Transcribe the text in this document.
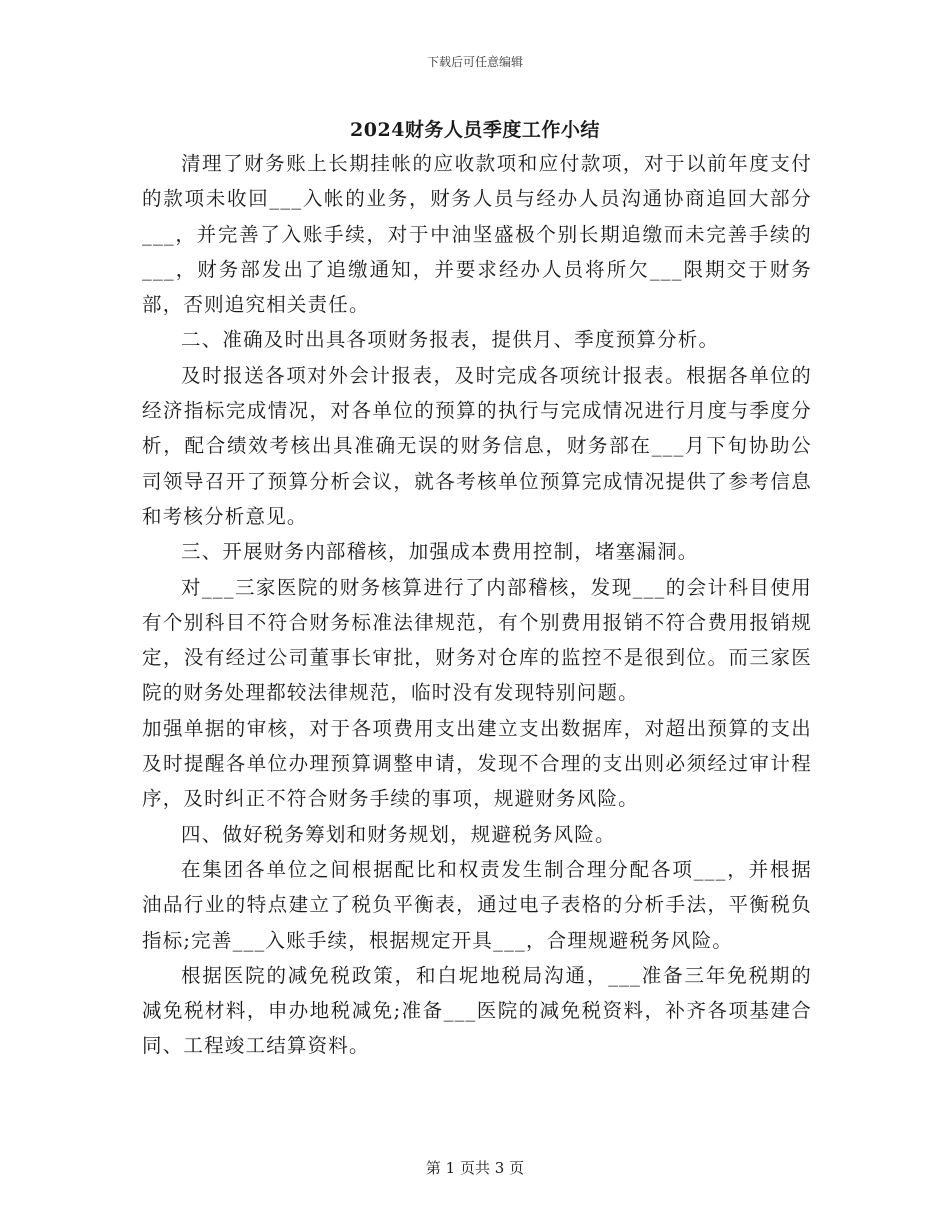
下载后可任意编辑
2024财务人员季度工作小结

清理了财务账上长期挂帐的应收款项和应付款项，对于以前年度支付的款项未收回___入帐的业务，财务人员与经办人员沟通协商追回大部分___，并完善了入账手续，对于中油坚盛极个别长期追缴而未完善手续的___，财务部发出了追缴通知，并要求经办人员将所欠___限期交于财务部，否则追究相关责任。

二、准确及时出具各项财务报表，提供月、季度预算分析。

及时报送各项对外会计报表，及时完成各项统计报表。根据各单位的经济指标完成情况，对各单位的预算的执行与完成情况进行月度与季度分析，配合绩效考核出具准确无误的财务信息，财务部在___月下旬协助公司领导召开了预算分析会议，就各考核单位预算完成情况提供了参考信息和考核分析意见。

三、开展财务内部稽核，加强成本费用控制，堵塞漏洞。

对___三家医院的财务核算进行了内部稽核，发现___的会计科目使用有个别科目不符合财务标准法律规范，有个别费用报销不符合费用报销规定，没有经过公司董事长审批，财务对仓库的监控不是很到位。而三家医院的财务处理都较法律规范，临时没有发现特别问题。

加强单据的审核，对于各项费用支出建立支出数据库，对超出预算的支出及时提醒各单位办理预算调整申请，发现不合理的支出则必须经过审计程序，及时纠正不符合财务手续的事项，规避财务风险。

四、做好税务筹划和财务规划，规避税务风险。

在集团各单位之间根据配比和权责发生制合理分配各项___，并根据油品行业的特点建立了税负平衡表，通过电子表格的分析手法，平衡税负指标;完善___入账手续，根据规定开具___，合理规避税务风险。

根据医院的减免税政策，和白坭地税局沟通，___准备三年免税期的减免税材料，申办地税减免;准备___医院的减免税资料，补齐各项基建合同、工程竣工结算资料。

第 1 页共 3 页
